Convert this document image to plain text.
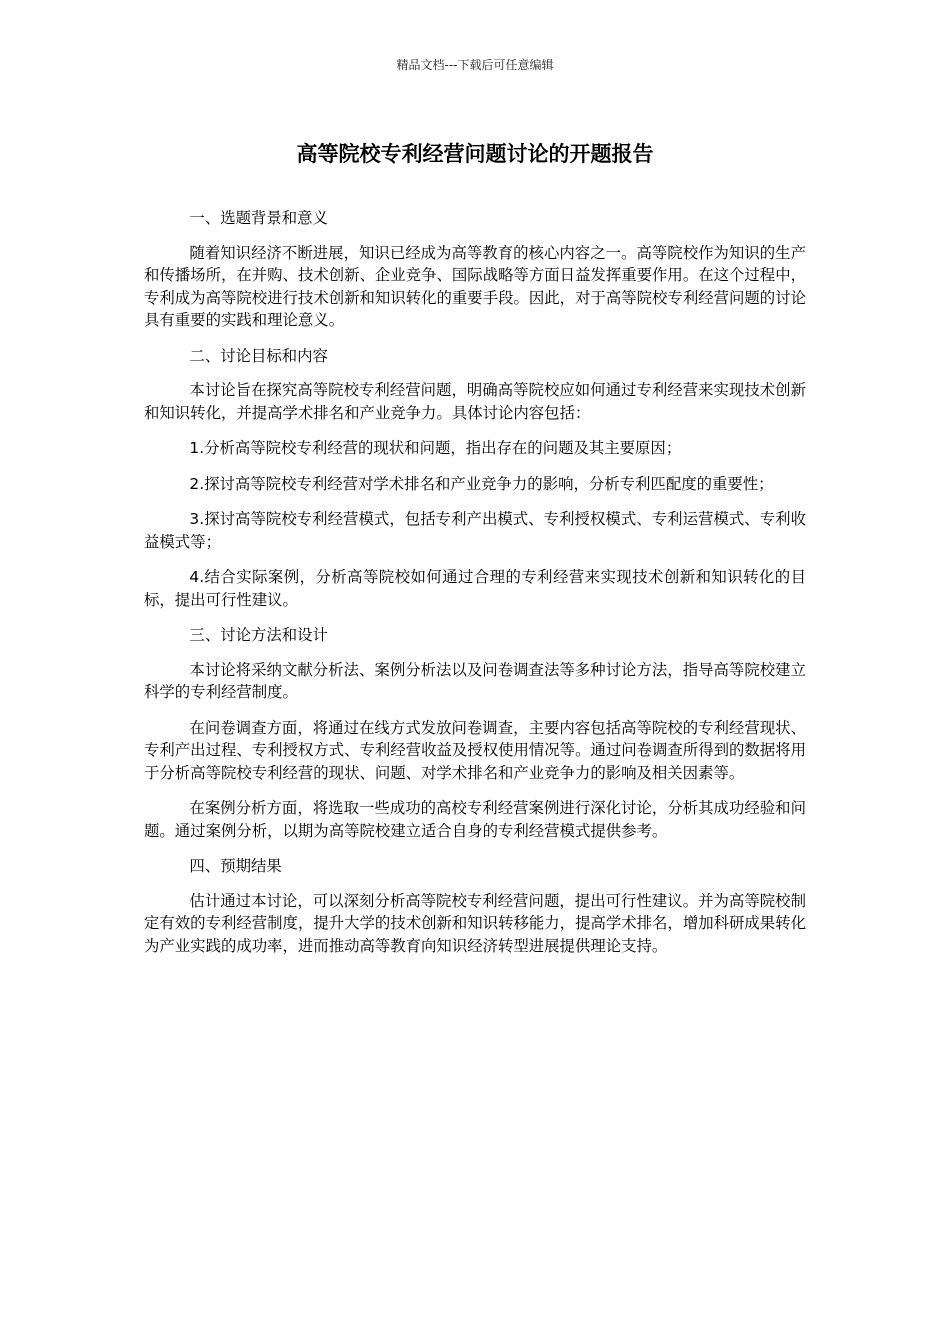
精品文档---下载后可任意编辑
高等院校专利经营问题讨论的开题报告

一、选题背景和意义

随着知识经济不断进展，知识已经成为高等教育的核心内容之一。高等院校作为知识的生产和传播场所，在并购、技术创新、企业竞争、国际战略等方面日益发挥重要作用。在这个过程中，专利成为高等院校进行技术创新和知识转化的重要手段。因此，对于高等院校专利经营问题的讨论具有重要的实践和理论意义。

二、讨论目标和内容

本讨论旨在探究高等院校专利经营问题，明确高等院校应如何通过专利经营来实现技术创新和知识转化，并提高学术排名和产业竞争力。具体讨论内容包括：

1.分析高等院校专利经营的现状和问题，指出存在的问题及其主要原因；

2.探讨高等院校专利经营对学术排名和产业竞争力的影响，分析专利匹配度的重要性；

3.探讨高等院校专利经营模式，包括专利产出模式、专利授权模式、专利运营模式、专利收益模式等；

4.结合实际案例，分析高等院校如何通过合理的专利经营来实现技术创新和知识转化的目标，提出可行性建议。

三、讨论方法和设计

本讨论将采纳文献分析法、案例分析法以及问卷调查法等多种讨论方法，指导高等院校建立科学的专利经营制度。

在问卷调查方面，将通过在线方式发放问卷调查，主要内容包括高等院校的专利经营现状、专利产出过程、专利授权方式、专利经营收益及授权使用情况等。通过问卷调查所得到的数据将用于分析高等院校专利经营的现状、问题、对学术排名和产业竞争力的影响及相关因素等。

在案例分析方面，将选取一些成功的高校专利经营案例进行深化讨论，分析其成功经验和问题。通过案例分析，以期为高等院校建立适合自身的专利经营模式提供参考。

四、预期结果

估计通过本讨论，可以深刻分析高等院校专利经营问题，提出可行性建议。并为高等院校制定有效的专利经营制度，提升大学的技术创新和知识转移能力，提高学术排名，增加科研成果转化为产业实践的成功率，进而推动高等教育向知识经济转型进展提供理论支持。
